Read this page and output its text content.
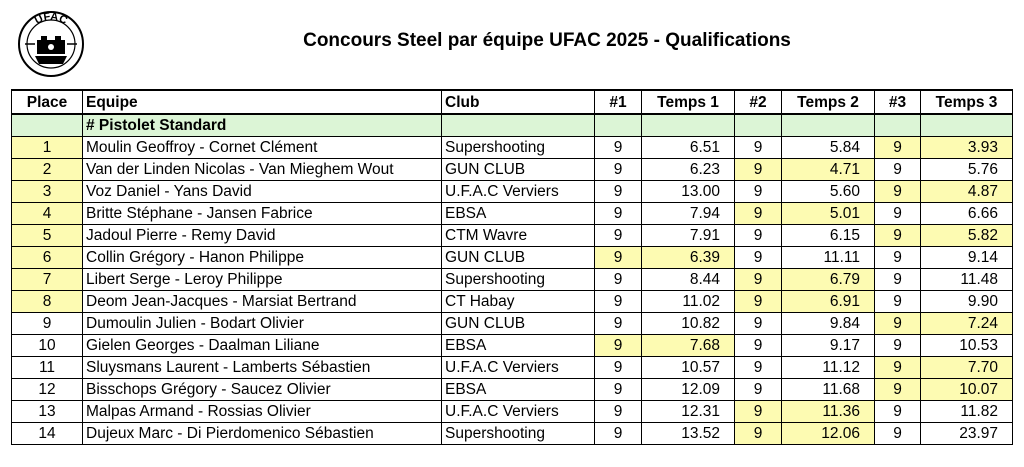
UFAC
Concours Steel par équipe UFAC 2025 - Qualifications
Place	Equipe	Club	#1	Temps 1	#2	Temps 2	#3	Temps 3
	# Pistolet Standard							
1	Moulin Geoffroy - Cornet Clément	Supershooting	9	6.51	9	5.84	9	3.93
2	Van der Linden Nicolas - Van Mieghem Wout	GUN CLUB	9	6.23	9	4.71	9	5.76
3	Voz Daniel - Yans David	U.F.A.C Verviers	9	13.00	9	5.60	9	4.87
4	Britte Stéphane - Jansen Fabrice	EBSA	9	7.94	9	5.01	9	6.66
5	Jadoul Pierre - Remy David	CTM Wavre	9	7.91	9	6.15	9	5.82
6	Collin Grégory - Hanon Philippe	GUN CLUB	9	6.39	9	11.11	9	9.14
7	Libert Serge - Leroy Philippe	Supershooting	9	8.44	9	6.79	9	11.48
8	Deom Jean-Jacques - Marsiat Bertrand	CT Habay	9	11.02	9	6.91	9	9.90
9	Dumoulin Julien - Bodart Olivier	GUN CLUB	9	10.82	9	9.84	9	7.24
10	Gielen Georges - Daalman Liliane	EBSA	9	7.68	9	9.17	9	10.53
11	Sluysmans Laurent - Lamberts Sébastien	U.F.A.C Verviers	9	10.57	9	11.12	9	7.70
12	Bisschops Grégory - Saucez Olivier	EBSA	9	12.09	9	11.68	9	10.07
13	Malpas Armand - Rossias Olivier	U.F.A.C Verviers	9	12.31	9	11.36	9	11.82
14	Dujeux Marc - Di Pierdomenico Sébastien	Supershooting	9	13.52	9	12.06	9	23.97
